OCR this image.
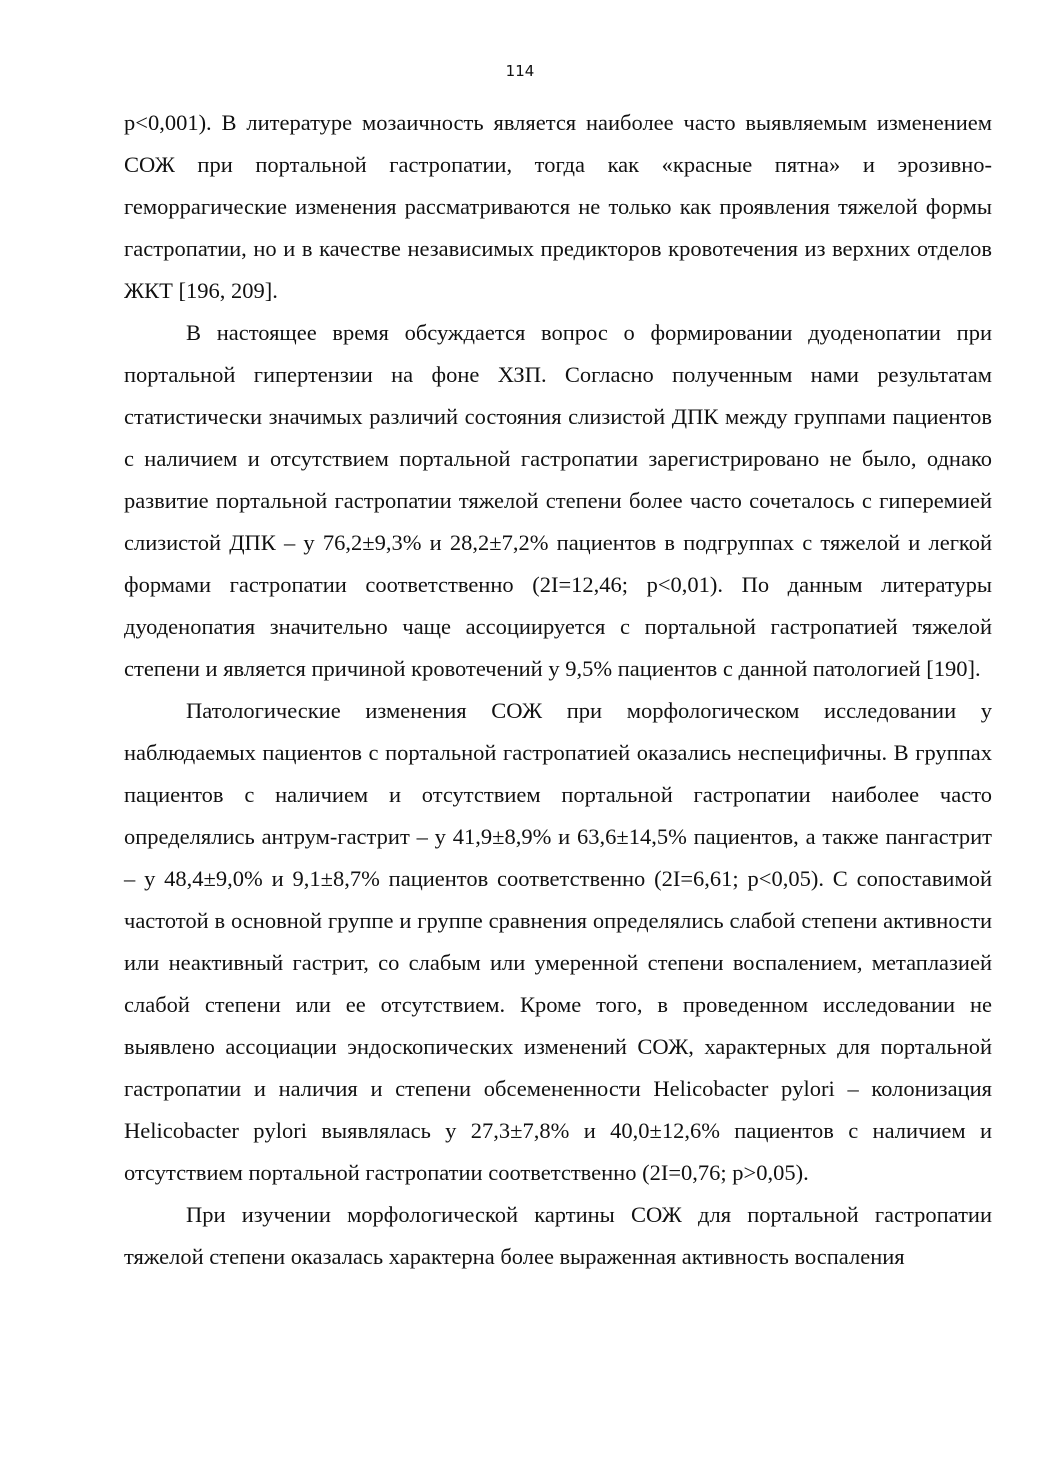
114

p<0,001). В литературе мозаичность является наиболее часто выявляемым изменением СОЖ при портальной гастропатии, тогда как «красные пятна» и эрозивно-геморрагические изменения рассматриваются не только как проявления тяжелой формы гастропатии, но и в качестве независимых предикторов кровотечения из верхних отделов ЖКТ [196, 209].

В настоящее время обсуждается вопрос о формировании дуоденопатии при портальной гипертензии на фоне ХЗП. Согласно полученным нами результатам статистически значимых различий состояния слизистой ДПК между группами пациентов с наличием и отсутствием портальной гастропатии зарегистрировано не было, однако развитие портальной гастропатии тяжелой степени более часто сочеталось с гиперемией слизистой ДПК – у 76,2±9,3% и 28,2±7,2% пациентов в подгруппах с тяжелой и легкой формами гастропатии соответственно (2I=12,46; p<0,01). По данным литературы дуоденопатия значительно чаще ассоциируется с портальной гастропатией тяжелой степени и является причиной кровотечений у 9,5% пациентов с данной патологией [190].

Патологические изменения СОЖ при морфологическом исследовании у наблюдаемых пациентов с портальной гастропатией оказались неспецифичны. В группах пациентов с наличием и отсутствием портальной гастропатии наиболее часто определялись антрум-гастрит – у 41,9±8,9% и 63,6±14,5% пациентов, а также пангастрит – у 48,4±9,0% и 9,1±8,7% пациентов соответственно (2I=6,61; p<0,05). С сопоставимой частотой в основной группе и группе сравнения определялись слабой степени активности или неактивный гастрит, со слабым или умеренной степени воспалением, метаплазией слабой степени или ее отсутствием. Кроме того, в проведенном исследовании не выявлено ассоциации эндоскопических изменений СОЖ, характерных для портальной гастропатии и наличия и степени обсемененности Helicobacter pylori – колонизация Helicobacter pylori выявлялась у 27,3±7,8% и 40,0±12,6% пациентов с наличием и отсутствием портальной гастропатии соответственно (2I=0,76; p>0,05).

При изучении морфологической картины СОЖ для портальной гастропатии тяжелой степени оказалась характерна более выраженная активность воспаления
